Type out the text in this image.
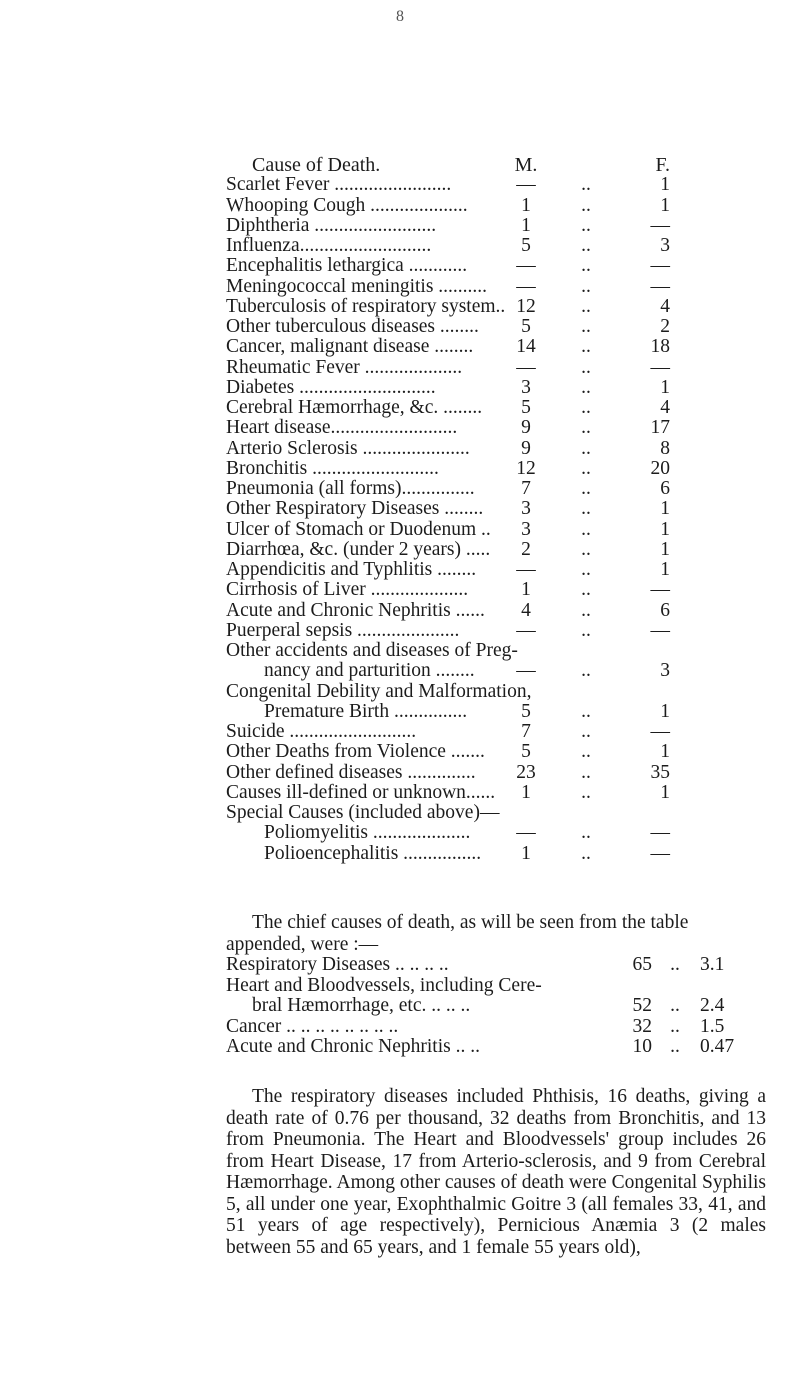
8
Cause of Death.	M.	F.
Scarlet Fever ........................	—	..	1
Whooping Cough ....................	1	..	1
Diphtheria .........................	1	..	—
Influenza...........................	5	..	3
Encephalitis lethargica ............	—	..	—
Meningococcal meningitis ..........	—	..	—
Tuberculosis of respiratory system.. 12	..	4
Other tuberculous diseases ........	5	..	2
Cancer, malignant disease ........	14	..	18
Rheumatic Fever ....................	—	..	—
Diabetes ............................	3	..	1
Cerebral Hæmorrhage, &c. ........	5	..	4
Heart disease..........................	9	..	17
Arterio Sclerosis ......................	9	..	8
Bronchitis ..........................	12	..	20
Pneumonia (all forms)...............	7	..	6
Other Respiratory Diseases ........	3	..	1
Ulcer of Stomach or Duodenum ..	3	..	1
Diarrhœa, &c. (under 2 years) .....	2	..	1
Appendicitis and Typhlitis ........	—	..	1
Cirrhosis of Liver ....................	1	..	—
Acute and Chronic Nephritis ......	4	..	6
Puerperal sepsis .....................	—	..	—
Other accidents and diseases of Preg-
nancy and parturition ........	—	..	3
Congenital Debility and Malformation,
Premature Birth ...............	5	..	1
Suicide ..........................	7	..	—
Other Deaths from Violence .......	5	..	1
Other defined diseases ..............	23	..	35
Causes ill-defined or unknown......	1	..	1
Special Causes (included above)—
Poliomyelitis ....................	—	..	—
Polioencephalitis ................	1	..	—
The chief causes of death, as will be seen from the table
appended, were :—
Respiratory Diseases .. .. .. ..	65 ..	3.1
Heart and Bloodvessels, including Cere-
bral Hæmorrhage, etc. .. .. ..	52 ..	2.4
Cancer .. .. .. .. .. .. .. ..	32 ..	1.5
Acute and Chronic Nephritis .. ..	10 ..	0.47
The respiratory diseases included Phthisis, 16 deaths, giving a death rate of 0.76 per thousand, 32 deaths from Bronchitis, and 13 from Pneumonia. The Heart and Bloodvessels' group includes 26 from Heart Disease, 17 from Arterio-sclerosis, and 9 from Cerebral Hæmorrhage. Among other causes of death were Congenital Syphilis 5, all under one year, Exophthalmic Goitre 3 (all females 33, 41, and 51 years of age respectively), Pernicious Anæmia 3 (2 males between 55 and 65 years, and 1 female 55 years old),
